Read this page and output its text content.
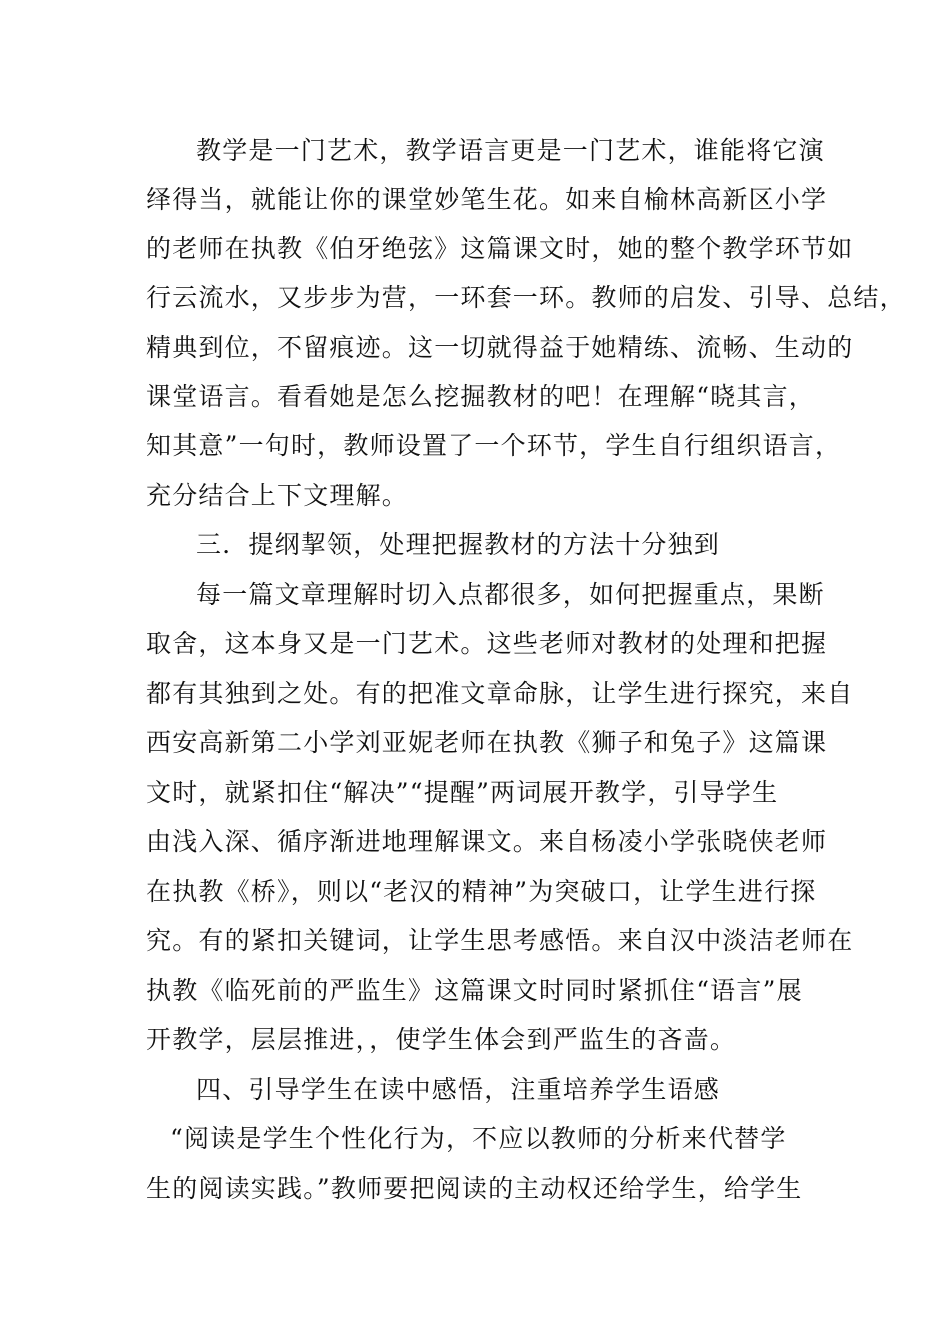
教学是一门艺术，教学语言更是一门艺术，谁能将它演

绎得当，就能让你的课堂妙笔生花。如来自榆林高新区小学

的老师在执教《伯牙绝弦》这篇课文时，她的整个教学环节如

行云流水，又步步为营，一环套一环。教师的启发、引导、总结，

精典到位，不留痕迹。这一切就得益于她精练、流畅、生动的

课堂语言。看看她是怎么挖掘教材的吧！在理解“晓其言，

知其意”一句时，教师设置了一个环节，学生自行组织语言，

充分结合上下文理解。

三．提纲挈领，处理把握教材的方法十分独到

每一篇文章理解时切入点都很多，如何把握重点，果断

取舍，这本身又是一门艺术。这些老师对教材的处理和把握

都有其独到之处。有的把准文章命脉，让学生进行探究，来自

西安高新第二小学刘亚妮老师在执教《狮子和兔子》这篇课

文时，就紧扣住“解决”“提醒”两词展开教学，引导学生

由浅入深、循序渐进地理解课文。来自杨凌小学张晓侠老师

在执教《桥》，则以“老汉的精神”为突破口，让学生进行探

究。有的紧扣关键词，让学生思考感悟。来自汉中淡洁老师在

执教《临死前的严监生》这篇课文时同时紧抓住“语言”展

开教学，层层推进，，使学生体会到严监生的吝啬。

四、引导学生在读中感悟，注重培养学生语感

“阅读是学生个性化行为，不应以教师的分析来代替学

生的阅读实践。”教师要把阅读的主动权还给学生，给学生
